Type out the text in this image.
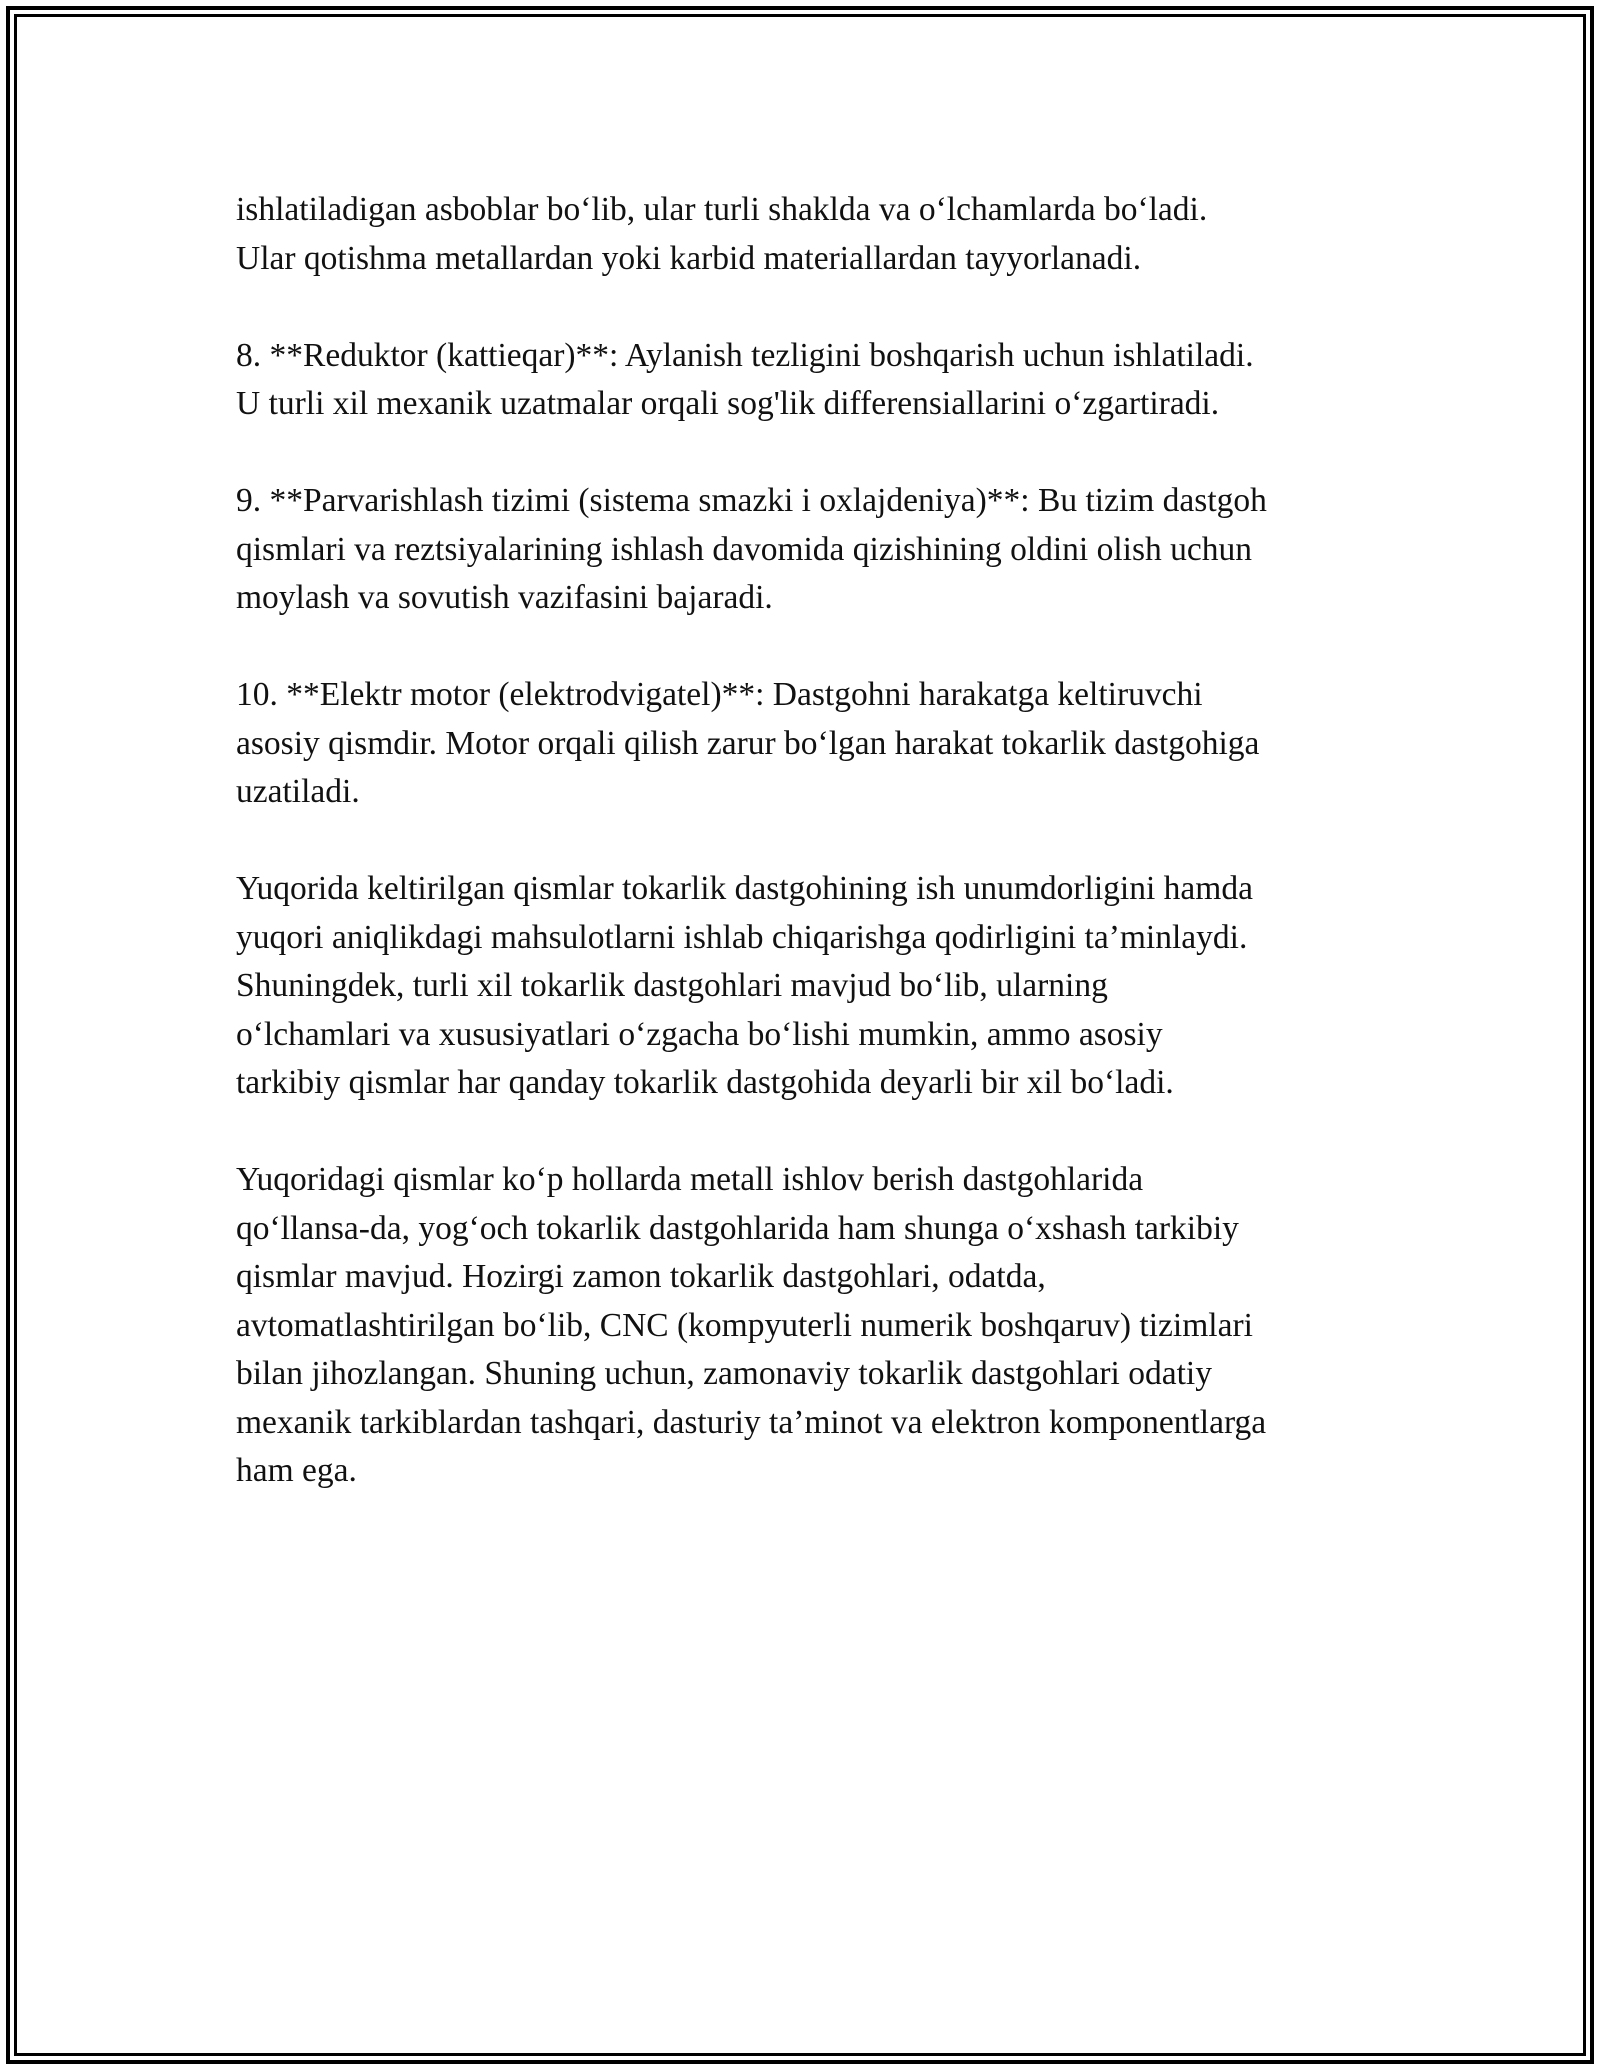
ishlatiladigan asboblar bo‘lib, ular turli shaklda va o‘lchamlarda bo‘ladi.
Ular qotishma metallardan yoki karbid materiallardan tayyorlanadi.

8. **Reduktor (kattieqar)**: Aylanish tezligini boshqarish uchun ishlatiladi.
U turli xil mexanik uzatmalar orqali sog'lik differensiallarini o‘zgartiradi.

9. **Parvarishlash tizimi (sistema smazki i oxlajdeniya)**: Bu tizim dastgoh
qismlari va reztsiyalarining ishlash davomida qizishining oldini olish uchun
moylash va sovutish vazifasini bajaradi.

10. **Elektr motor (elektrodvigatel)**: Dastgohni harakatga keltiruvchi
asosiy qismdir. Motor orqali qilish zarur bo‘lgan harakat tokarlik dastgohiga
uzatiladi.

Yuqorida keltirilgan qismlar tokarlik dastgohining ish unumdorligini hamda
yuqori aniqlikdagi mahsulotlarni ishlab chiqarishga qodirligini ta’minlaydi.
Shuningdek, turli xil tokarlik dastgohlari mavjud bo‘lib, ularning
o‘lchamlari va xususiyatlari o‘zgacha bo‘lishi mumkin, ammo asosiy
tarkibiy qismlar har qanday tokarlik dastgohida deyarli bir xil bo‘ladi.

Yuqoridagi qismlar ko‘p hollarda metall ishlov berish dastgohlarida
qo‘llansa-da, yog‘och tokarlik dastgohlarida ham shunga o‘xshash tarkibiy
qismlar mavjud. Hozirgi zamon tokarlik dastgohlari, odatda,
avtomatlashtirilgan bo‘lib, CNC (kompyuterli numerik boshqaruv) tizimlari
bilan jihozlangan. Shuning uchun, zamonaviy tokarlik dastgohlari odatiy
mexanik tarkiblardan tashqari, dasturiy ta’minot va elektron komponentlarga
ham ega.
